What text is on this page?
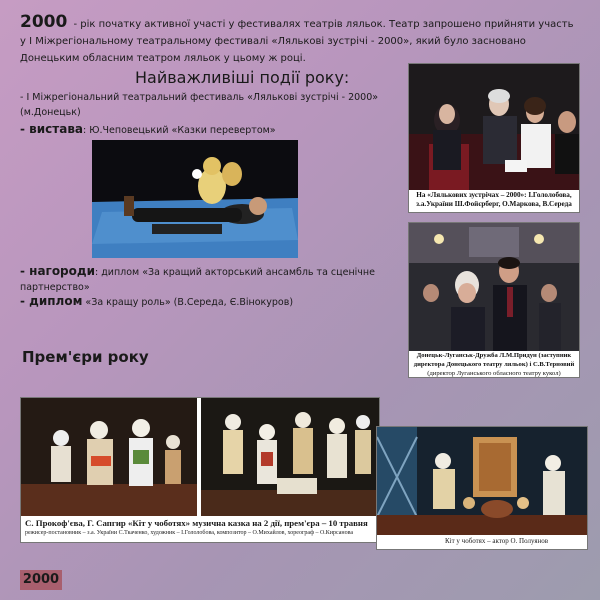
2000 - рік початку активної участі у фестивалях театрів ляльок. Театр запрошено прийняти участь у І Міжрегіональному театральному фестивалі «Лялькові зустрічі - 2000», який було засновано Донецьким обласним театром ляльок у цьому ж році.
Найважливіші події року:
- І Міжрегіональний театральний фестиваль «Лялькові зустрічі - 2000» (м.Донецьк)
- вистава: Ю.Чеповецький «Казки перевертом»
- нагороди: диплом «За кращий акторський ансамбль та сценічне партнерство»
- диплом «За кращу роль» (В.Середа, Є.Вінокуров)
На «Лялькових зустрічах – 2000»: І.Гололобова, з.а.України Ш.Фойєрберг, О.Маркова, В.Середа
Донецьк-Луганськ-Дружба Л.М.Придун (заступник
директора Донецького театру ляльок) і С.В.Терновий
(директор Луганського обласного театру кукол)
Прем'єри року
С. Прокоф'єва, Г. Сапгир «Кіт у чоботях» музична казка на 2 дії, прем'єра – 10 травня
режисер-постановник – з.а. України С.Ткаченко, художник – І.Гололобова, композитор – О.Михайлов, хореограф – О.Кирсанова
Кіт у чоботях – актор О. Полуянов
2000
